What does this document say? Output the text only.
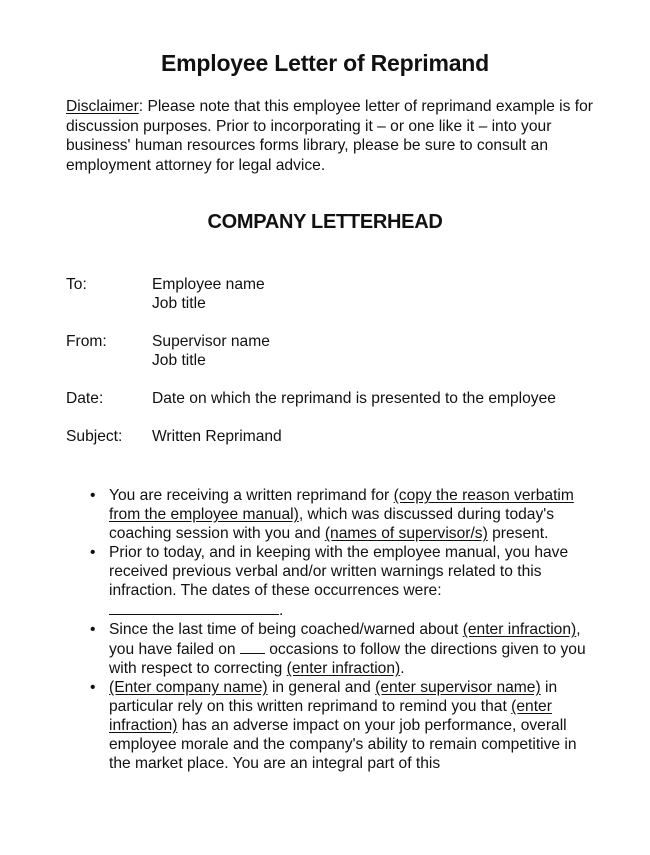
Employee Letter of Reprimand
Disclaimer: Please note that this employee letter of reprimand example is for discussion purposes. Prior to incorporating it – or one like it – into your business' human resources forms library, please be sure to consult an employment attorney for legal advice.
COMPANY LETTERHEAD
To:	Employee name
Job title
From:	Supervisor name
Job title
Date:	Date on which the reprimand is presented to the employee
Subject:	Written Reprimand
• You are receiving a written reprimand for (copy the reason verbatim from the employee manual), which was discussed during today's coaching session with you and (names of supervisor/s) present.
• Prior to today, and in keeping with the employee manual, you have received previous verbal and/or written warnings related to this infraction. The dates of these occurrences were:
.
• Since the last time of being coached/warned about (enter infraction), you have failed on  occasions to follow the directions given to you with respect to correcting (enter infraction).
• (Enter company name) in general and (enter supervisor name) in particular rely on this written reprimand to remind you that (enter infraction) has an adverse impact on your job performance, overall employee morale and the company's ability to remain competitive in the market place. You are an integral part of this
